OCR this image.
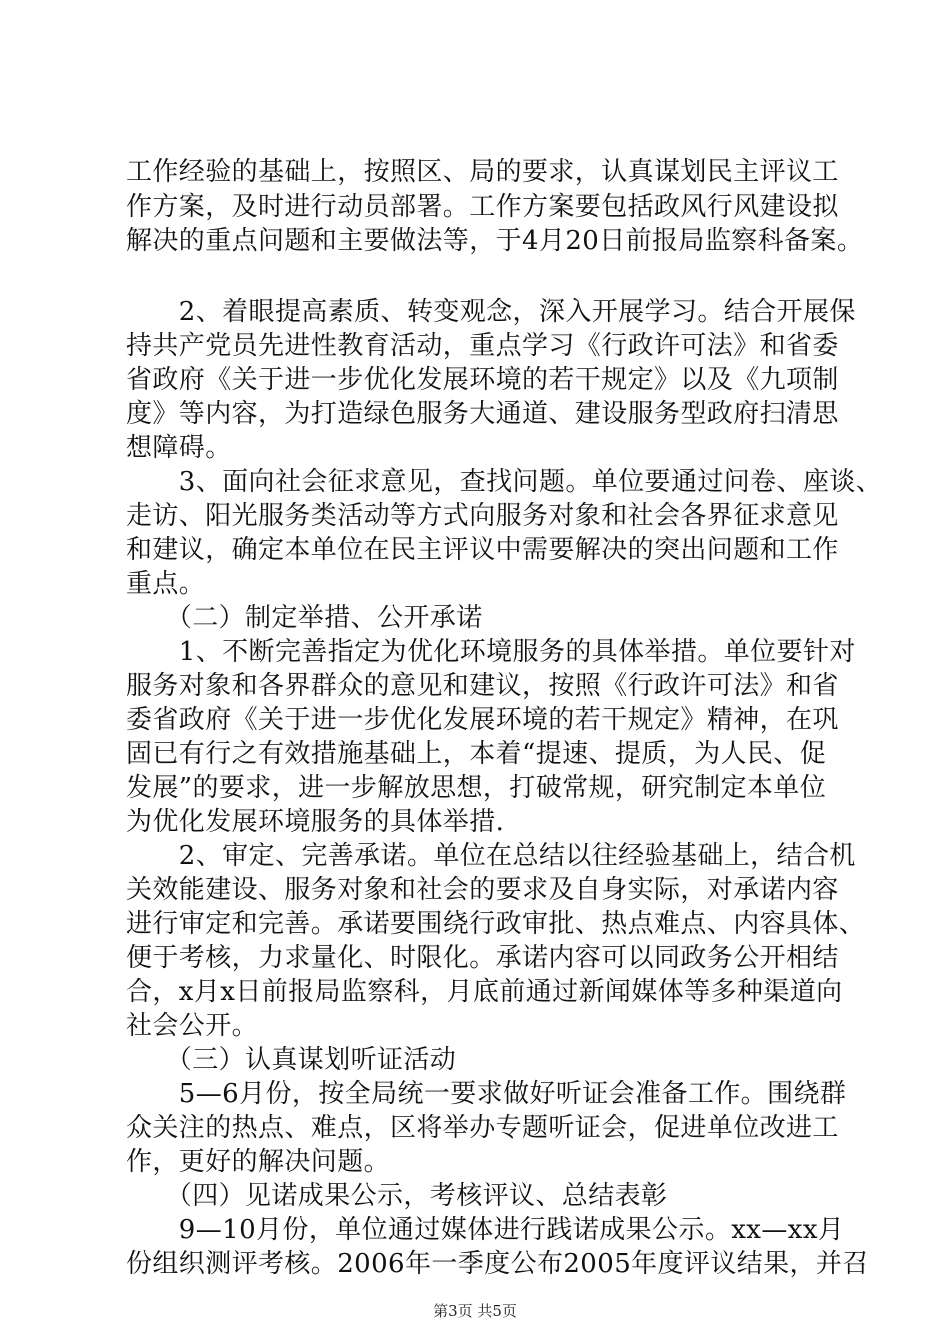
工作经验的基础上，按照区、局的要求，认真谋划民主评议工
作方案，及时进行动员部署。工作方案要包括政风行风建设拟
解决的重点问题和主要做法等，于4月20日前报局监察科备案。
　　2、着眼提高素质、转变观念，深入开展学习。结合开展保
持共产党员先进性教育活动，重点学习《行政许可法》和省委
省政府《关于进一步优化发展环境的若干规定》以及《九项制
度》等内容，为打造绿色服务大通道、建设服务型政府扫清思
想障碍。
　　3、面向社会征求意见，查找问题。单位要通过问卷、座谈、
走访、阳光服务类活动等方式向服务对象和社会各界征求意见
和建议，确定本单位在民主评议中需要解决的突出问题和工作
重点。
　　（二）制定举措、公开承诺
　　1、不断完善指定为优化环境服务的具体举措。单位要针对
服务对象和各界群众的意见和建议，按照《行政许可法》和省
委省政府《关于进一步优化发展环境的若干规定》精神，在巩
固已有行之有效措施基础上，本着“提速、提质，为人民、促
发展”的要求，进一步解放思想，打破常规，研究制定本单位
为优化发展环境服务的具体举措.
　　2、审定、完善承诺。单位在总结以往经验基础上，结合机
关效能建设、服务对象和社会的要求及自身实际，对承诺内容
进行审定和完善。承诺要围绕行政审批、热点难点、内容具体、
便于考核，力求量化、时限化。承诺内容可以同政务公开相结
合，x月x日前报局监察科，月底前通过新闻媒体等多种渠道向
社会公开。
　　（三）认真谋划听证活动
　　5—6月份，按全局统一要求做好听证会准备工作。围绕群
众关注的热点、难点，区将举办专题听证会，促进单位改进工
作，更好的解决问题。
　　（四）见诺成果公示，考核评议、总结表彰
　　9—10月份，单位通过媒体进行践诺成果公示。xx—xx月
份组织测评考核。2006年一季度公布2005年度评议结果，并召
第3页 共5页
